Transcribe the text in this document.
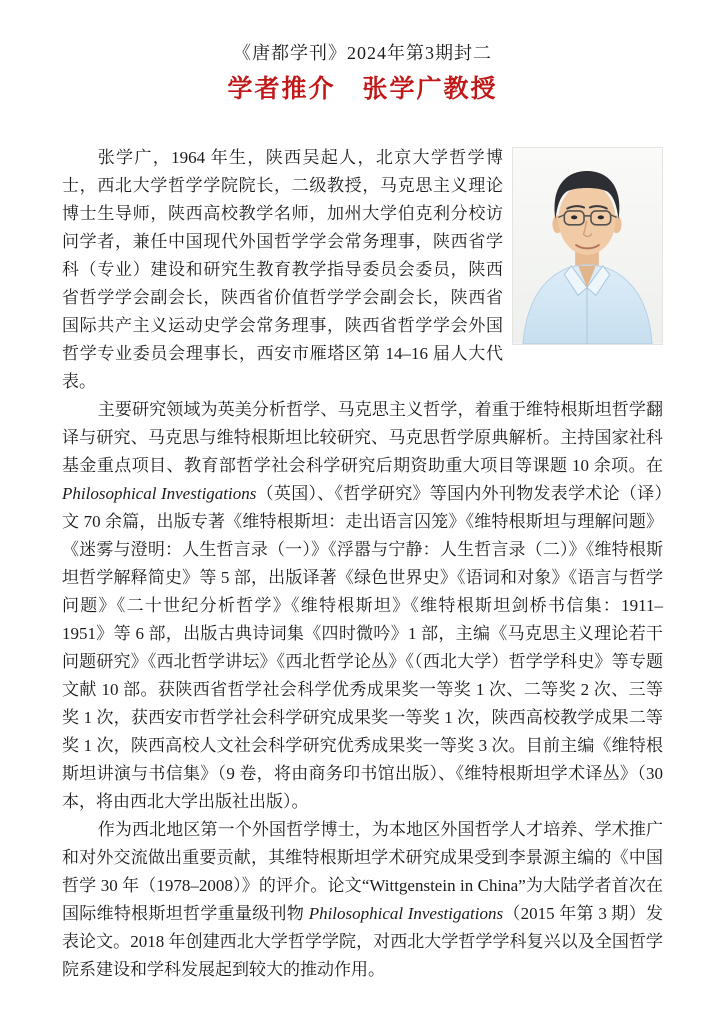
《唐都学刊》2024年第3期封二
学者推介　张学广教授

张学广，1964 年生，陕西吴起人，北京大学哲学博士，西北大学哲学学院院长，二级教授，马克思主义理论博士生导师，陕西高校教学名师，加州大学伯克利分校访问学者，兼任中国现代外国哲学学会常务理事，陕西省学科（专业）建设和研究生教育教学指导委员会委员，陕西省哲学学会副会长，陕西省价值哲学学会副会长，陕西省国际共产主义运动史学会常务理事，陕西省哲学学会外国哲学专业委员会理事长，西安市雁塔区第 14–16 届人大代表。

主要研究领域为英美分析哲学、马克思主义哲学，着重于维特根斯坦哲学翻译与研究、马克思与维特根斯坦比较研究、马克思哲学原典解析。主持国家社科基金重点项目、教育部哲学社会科学研究后期资助重大项目等课题 10 余项。在 Philosophical Investigations（英国）、《哲学研究》等国内外刊物发表学术论（译）文 70 余篇，出版专著《维特根斯坦：走出语言囚笼》《维特根斯坦与理解问题》《迷雾与澄明：人生哲言录（一）》《浮嚣与宁静：人生哲言录（二）》《维特根斯坦哲学解释简史》等 5 部，出版译著《绿色世界史》《语词和对象》《语言与哲学问题》《二十世纪分析哲学》《维特根斯坦》《维特根斯坦剑桥书信集：1911–1951》等 6 部，出版古典诗词集《四时微吟》1 部，主编《马克思主义理论若干问题研究》《西北哲学讲坛》《西北哲学论丛》《（西北大学）哲学学科史》等专题文献 10 部。获陕西省哲学社会科学优秀成果奖一等奖 1 次、二等奖 2 次、三等奖 1 次，获西安市哲学社会科学研究成果奖一等奖 1 次，陕西高校教学成果二等奖 1 次，陕西高校人文社会科学研究优秀成果奖一等奖 3 次。目前主编《维特根斯坦讲演与书信集》（9 卷，将由商务印书馆出版）、《维特根斯坦学术译丛》（30 本，将由西北大学出版社出版）。

作为西北地区第一个外国哲学博士，为本地区外国哲学人才培养、学术推广和对外交流做出重要贡献，其维特根斯坦学术研究成果受到李景源主编的《中国哲学 30 年（1978–2008）》的评介。论文“Wittgenstein in China”为大陆学者首次在国际维特根斯坦哲学重量级刊物 Philosophical Investigations（2015 年第 3 期）发表论文。2018 年创建西北大学哲学学院，对西北大学哲学学科复兴以及全国哲学院系建设和学科发展起到较大的推动作用。
